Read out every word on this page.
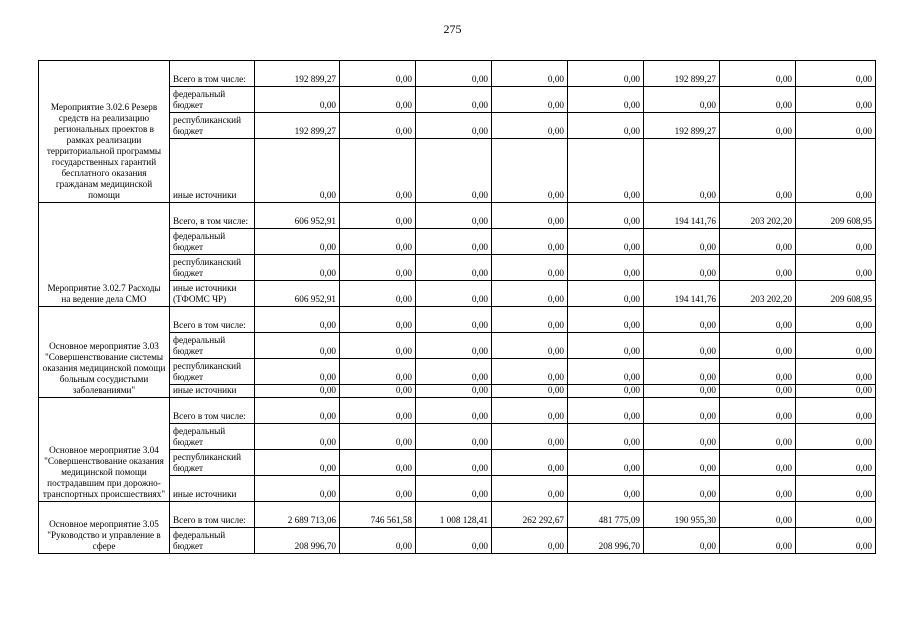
275
Мероприятие 3.02.6 Резерв средств на реализацию региональных проектов в рамках реализации территориальной программы государственных гарантий бесплатного оказания гражданам медицинской помощи	Всего в том числе:	192 899,27	0,00	0,00	0,00	0,00	192 899,27	0,00	0,00
	федеральный бюджет	0,00	0,00	0,00	0,00	0,00	0,00	0,00	0,00
	республиканский бюджет	192 899,27	0,00	0,00	0,00	0,00	192 899,27	0,00	0,00
	иные источники	0,00	0,00	0,00	0,00	0,00	0,00	0,00	0,00
Мероприятие 3.02.7 Расходы на ведение дела СМО	Всего, в том числе:	606 952,91	0,00	0,00	0,00	0,00	194 141,76	203 202,20	209 608,95
	федеральный бюджет	0,00	0,00	0,00	0,00	0,00	0,00	0,00	0,00
	республиканский бюджет	0,00	0,00	0,00	0,00	0,00	0,00	0,00	0,00
	иные источники (ТФОМС ЧР)	606 952,91	0,00	0,00	0,00	0,00	194 141,76	203 202,20	209 608,95
Основное мероприятие 3.03 "Совершенствование системы оказания медицинской помощи больным сосудистыми заболеваниями"	Всего в том числе:	0,00	0,00	0,00	0,00	0,00	0,00	0,00	0,00
	федеральный бюджет	0,00	0,00	0,00	0,00	0,00	0,00	0,00	0,00
	республиканский бюджет	0,00	0,00	0,00	0,00	0,00	0,00	0,00	0,00
	иные источники	0,00	0,00	0,00	0,00	0,00	0,00	0,00	0,00
Основное мероприятие 3.04 "Совершенствование оказания медицинской помощи пострадавшим при дорожно-транспортных происшествиях"	Всего в том числе:	0,00	0,00	0,00	0,00	0,00	0,00	0,00	0,00
	федеральный бюджет	0,00	0,00	0,00	0,00	0,00	0,00	0,00	0,00
	республиканский бюджет	0,00	0,00	0,00	0,00	0,00	0,00	0,00	0,00
	иные источники	0,00	0,00	0,00	0,00	0,00	0,00	0,00	0,00
Основное мероприятие 3.05 "Руководство и управление в сфере	Всего в том числе:	2 689 713,06	746 561,58	1 008 128,41	262 292,67	481 775,09	190 955,30	0,00	0,00
	федеральный бюджет	208 996,70	0,00	0,00	0,00	208 996,70	0,00	0,00	0,00
